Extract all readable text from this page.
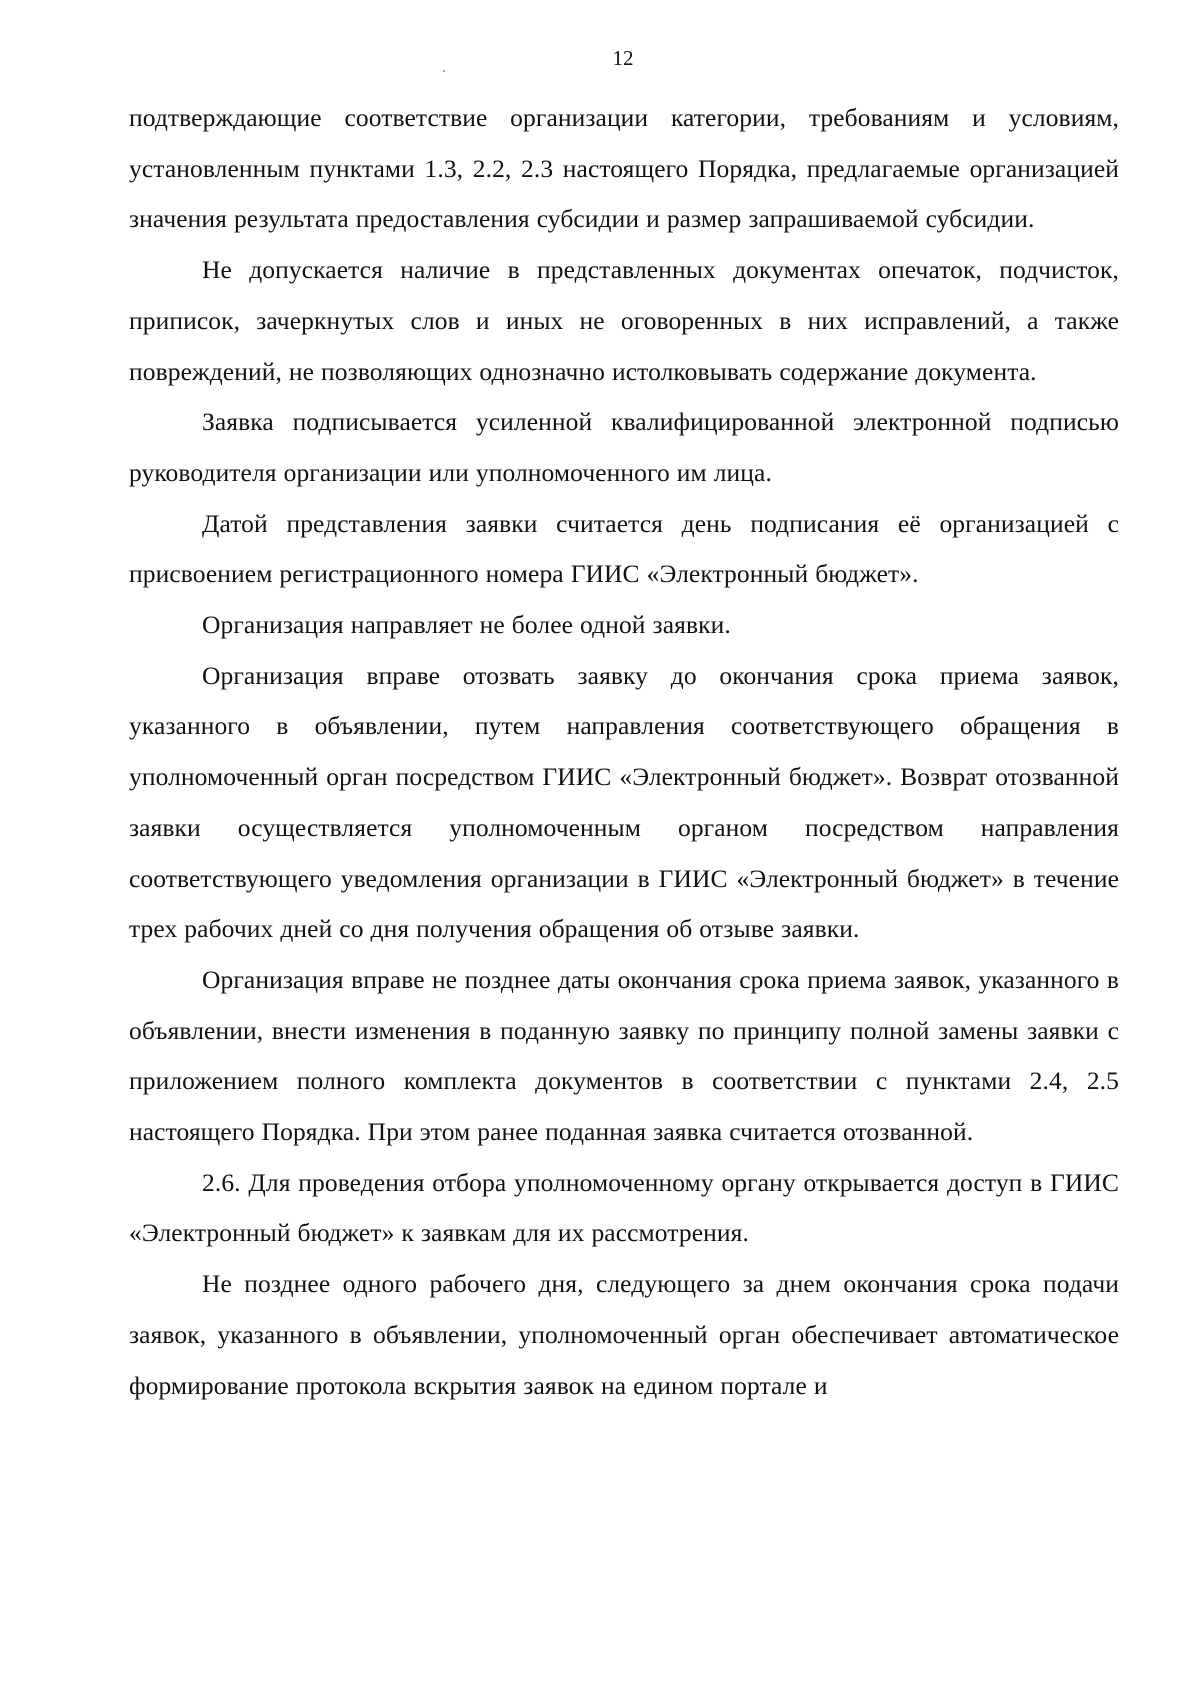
12

подтверждающие соответствие организации категории, требованиям и условиям, установленным пунктами 1.3, 2.2, 2.3 настоящего Порядка, предлагаемые организацией значения результата предоставления субсидии и размер запрашиваемой субсидии.

Не допускается наличие в представленных документах опечаток, подчисток, приписок, зачеркнутых слов и иных не оговоренных в них исправлений, а также повреждений, не позволяющих однозначно истолковывать содержание документа.

Заявка подписывается усиленной квалифицированной электронной подписью руководителя организации или уполномоченного им лица.

Датой представления заявки считается день подписания её организацией с присвоением регистрационного номера ГИИС «Электронный бюджет».

Организация направляет не более одной заявки.

Организация вправе отозвать заявку до окончания срока приема заявок, указанного в объявлении, путем направления соответствующего обращения в уполномоченный орган посредством ГИИС «Электронный бюджет». Возврат отозванной заявки осуществляется уполномоченным органом посредством направления соответствующего уведомления организации в ГИИС «Электронный бюджет» в течение трех рабочих дней со дня получения обращения об отзыве заявки.

Организация вправе не позднее даты окончания срока приема заявок, указанного в объявлении, внести изменения в поданную заявку по принципу полной замены заявки с приложением полного комплекта документов в соответствии с пунктами 2.4, 2.5 настоящего Порядка. При этом ранее поданная заявка считается отозванной.

2.6. Для проведения отбора уполномоченному органу открывается доступ в ГИИС «Электронный бюджет» к заявкам для их рассмотрения.

Не позднее одного рабочего дня, следующего за днем окончания срока подачи заявок, указанного в объявлении, уполномоченный орган обеспечивает автоматическое формирование протокола вскрытия заявок на едином портале и
